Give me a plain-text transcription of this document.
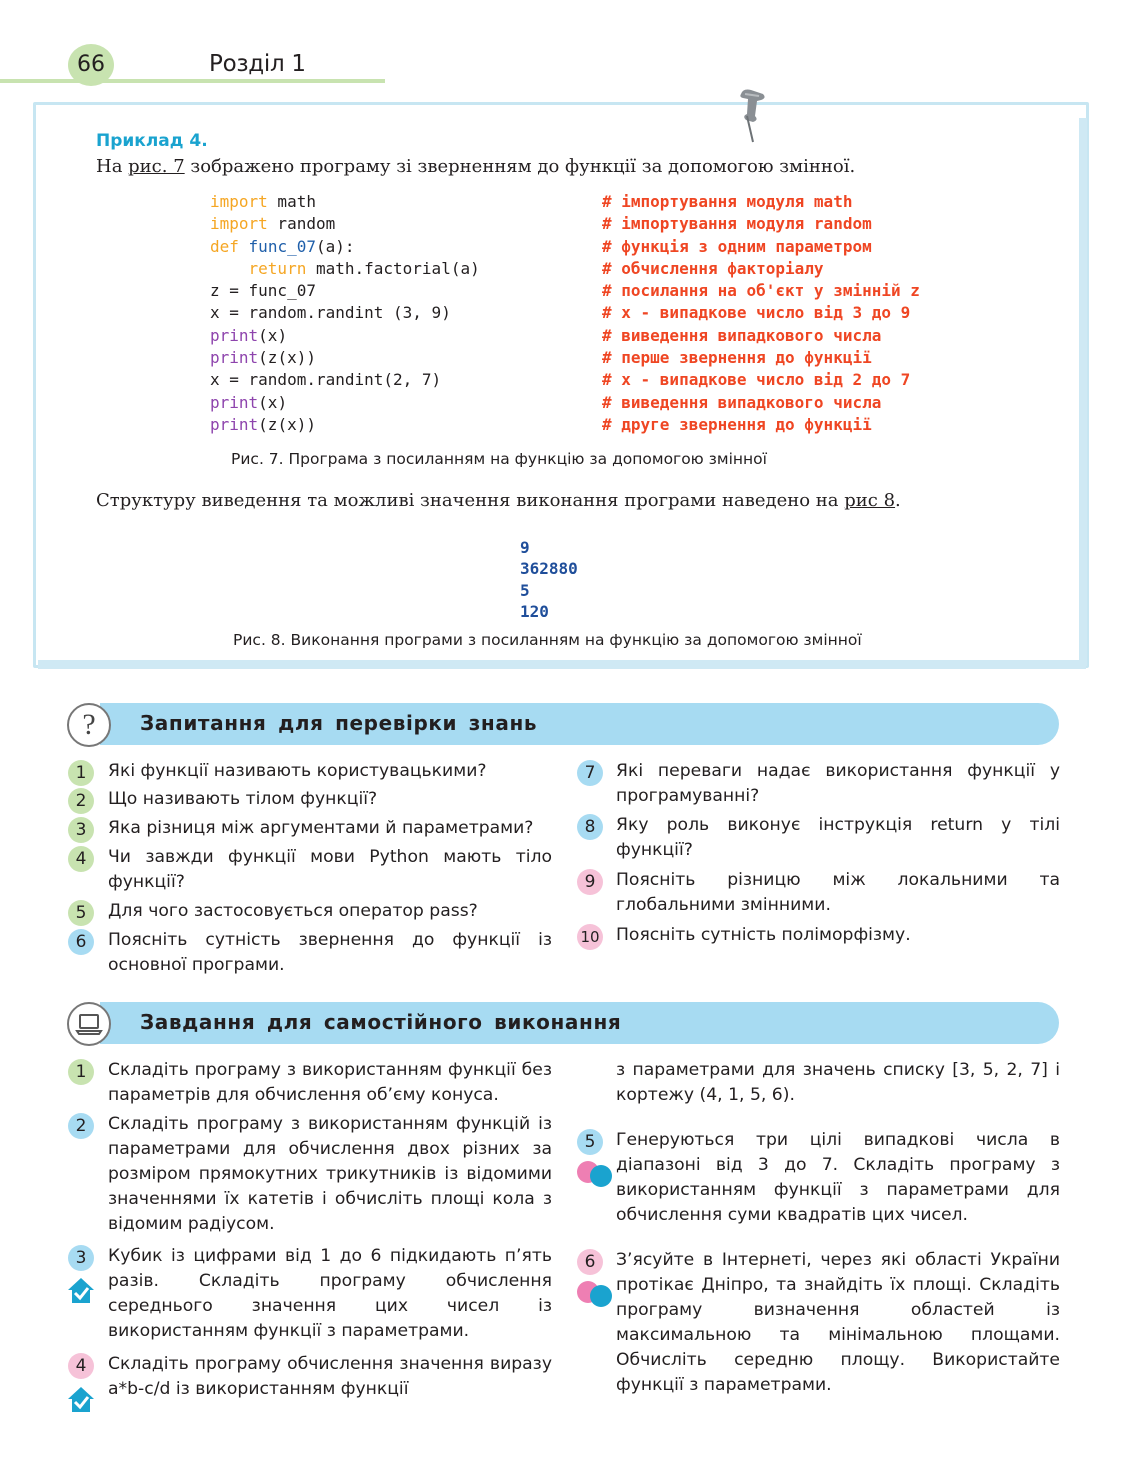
66	Розділ 1
Приклад 4.
На рис. 7 зображено програму зі зверненням до функції за допомогою змінної.
import math
import random
def func_07(a):
return math.factorial(a)
z = func_07
x = random.randint (3, 9)
print(x)
print(z(x))
x = random.randint(2, 7)
print(x)
print(z(x))
# імпортування модуля math
# імпортування модуля random
# функція з одним параметром
# обчислення факторіалу
# посилання на об'єкт у змінній z
# x - випадкове число від 3 до 9
# виведення випадкового числа
# перше звернення до функції
# x - випадкове число від 2 до 7
# виведення випадкового числа
# друге звернення до функції
Рис. 7. Програма з посиланням на функцію за допомогою змінної
Структуру виведення та можливі значення виконання програми наведено на рис 8.
9
362880
5
120
Рис. 8. Виконання програми з посиланням на функцію за допомогою змінної
?	Запитання для перевірки знань
Завдання для самостійного виконання
Які функції називають користувацькими?
1
Що називають тілом функції?
2
Яка різниця між аргументами й параметрами?
3
Чи завжди функції мови Python мають тіло функції?
4
Для чого застосовується оператор pass?
5
Поясніть сутність звернення до функції із основної програми.
6
Які переваги надає використання функції у програмуванні?
7
Яку роль виконує інструкція return у тілі функції?
8
Поясніть різницю між локальними та глобальними змінними.
9
Поясніть сутність поліморфізму.
10
Складіть програму з використанням функції без параметрів для обчислення об’єму конуса.
1
Складіть програму з використанням функцій із параметрами для обчислення двох різних за розміром прямокутних трикутників із відомими значеннями їх катетів і обчисліть площі кола з відомим радіусом.
2
Кубик із цифрами від 1 до 6 підкидають п’ять разів. Складіть програму обчислення середнього значення цих чисел із використанням функції з параметрами.
3
Складіть програму обчислення значення виразу a*b-c/d із використанням функції
4
з параметрами для значень списку [3, 5, 2, 7] і кортежу (4, 1, 5, 6).
Генеруються три цілі випадкові числа в діапазоні від 3 до 7. Складіть програму з використанням функції з параметрами для обчислення суми квадратів цих чисел.
5
З’ясуйте в Інтернеті, через які області України протікає Дніпро, та знайдіть їх площі. Складіть програму визначення областей із максимальною та мінімальною площами. Обчисліть середню площу. Використайте функції з параметрами.
6
